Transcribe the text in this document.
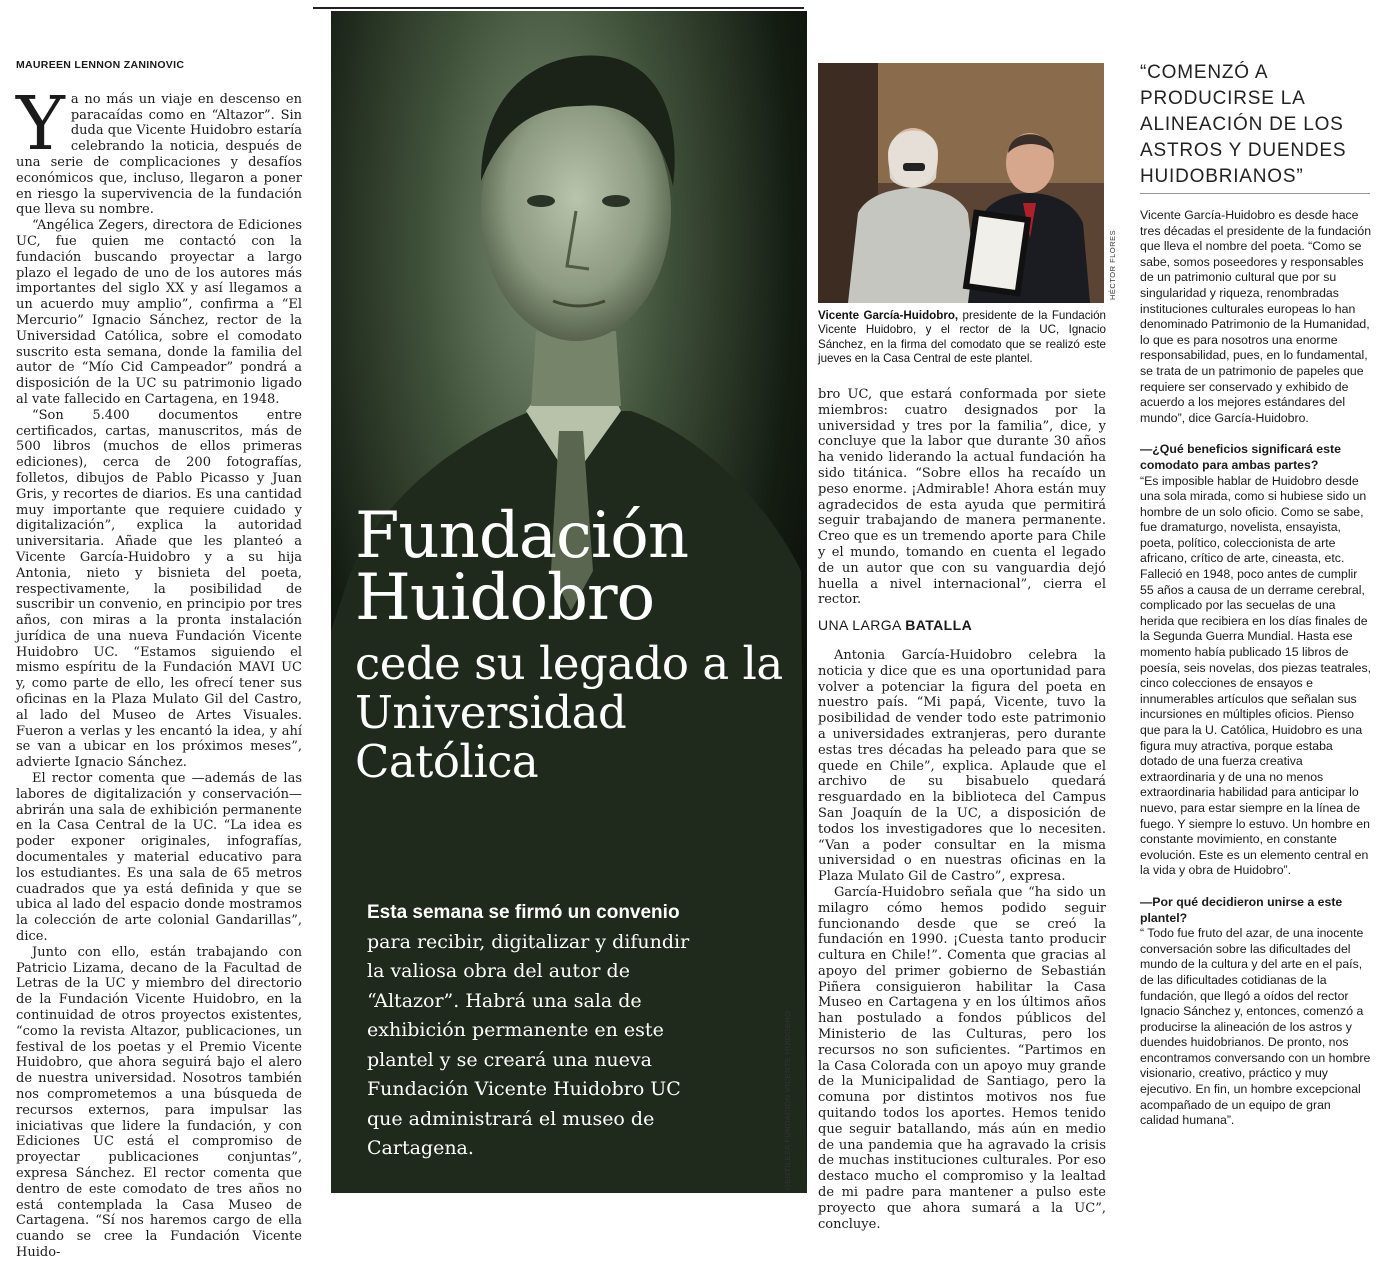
MAUREEN LENNON ZANINOVIC

Ya no más un viaje en descenso en paracaídas como en “Altazor”. Sin duda que Vicente Huidobro estaría celebrando la noticia, después de una serie de complicaciones y desafíos económicos que, incluso, llegaron a poner en riesgo la supervivencia de la fundación que lleva su nombre.

“Angélica Zegers, directora de Ediciones UC, fue quien me contactó con la fundación buscando proyectar a largo plazo el legado de uno de los autores más importantes del siglo XX y así llegamos a un acuerdo muy amplio”, confirma a “El Mercurio” Ignacio Sánchez, rector de la Universidad Católica, sobre el comodato suscrito esta semana, donde la familia del autor de “Mío Cid Campeador” pondrá a disposición de la UC su patrimonio ligado al vate fallecido en Cartagena, en 1948.

“Son 5.400 documentos entre certificados, cartas, manuscritos, más de 500 libros (muchos de ellos primeras ediciones), cerca de 200 fotografías, folletos, dibujos de Pablo Picasso y Juan Gris, y recortes de diarios. Es una cantidad muy importante que requiere cuidado y digitalización”, explica la autoridad universitaria. Añade que les planteó a Vicente García-Huidobro y a su hija Antonia, nieto y bisnieta del poeta, respectivamente, la posibilidad de suscribir un convenio, en principio por tres años, con miras a la pronta instalación jurídica de una nueva Fundación Vicente Huidobro UC. “Estamos siguiendo el mismo espíritu de la Fundación MAVI UC y, como parte de ello, les ofrecí tener sus oficinas en la Plaza Mulato Gil del Castro, al lado del Museo de Artes Visuales. Fueron a verlas y les encantó la idea, y ahí se van a ubicar en los próximos meses”, advierte Ignacio Sánchez.

El rector comenta que —además de las labores de digitalización y conservación— abrirán una sala de exhibición permanente en la Casa Central de la UC. “La idea es poder exponer originales, infografías, documentales y material educativo para los estudiantes. Es una sala de 65 metros cuadrados que ya está definida y que se ubica al lado del espacio donde mostramos la colección de arte colonial Gandarillas”, dice.

Junto con ello, están trabajando con Patricio Lizama, decano de la Facultad de Letras de la UC y miembro del directorio de la Fundación Vicente Huidobro, en la continuidad de otros proyectos existentes, “como la revista Altazor, publicaciones, un festival de los poetas y el Premio Vicente Huidobro, que ahora seguirá bajo el alero de nuestra universidad. Nosotros también nos comprometemos a una búsqueda de recursos externos, para impulsar las iniciativas que lidere la fundación, y con Ediciones UC está el compromiso de proyectar publicaciones conjuntas”, expresa Sánchez. El rector comenta que dentro de este comodato de tres años no está contemplada la Casa Museo de Cartagena. “Sí nos haremos cargo de ella cuando se cree la Fundación Vicente Huido-

Fundación
Huidobro
cede su legado a la Universidad Católica
Esta semana se firmó un convenio para recibir, digitalizar y difundir la valiosa obra del autor de “Altazor”. Habrá una sala de exhibición permanente en este plantel y se creará una nueva Fundación Vicente Huidobro UC que administrará el museo de Cartagena.	GENTILEZA FUNDACIÓN VICENTE HUIDOBRO
HÉCTOR FLORES
Vicente García-Huidobro, presidente de la Fundación Vicente Huidobro, y el rector de la UC, Ignacio Sánchez, en la firma del comodato que se realizó este jueves en la Casa Central de este plantel.

bro UC, que estará conformada por siete miembros: cuatro designados por la universidad y tres por la familia”, dice, y concluye que la labor que durante 30 años ha venido liderando la actual fundación ha sido titánica. “Sobre ellos ha recaído un peso enorme. ¡Admirable! Ahora están muy agradecidos de esta ayuda que permitirá seguir trabajando de manera permanente. Creo que es un tremendo aporte para Chile y el mundo, tomando en cuenta el legado de un autor que con su vanguardia dejó huella a nivel internacional”, cierra el rector.

UNA LARGA BATALLA

Antonia García-Huidobro celebra la noticia y dice que es una oportunidad para volver a potenciar la figura del poeta en nuestro país. “Mi papá, Vicente, tuvo la posibilidad de vender todo este patrimonio a universidades extranjeras, pero durante estas tres décadas ha peleado para que se quede en Chile”, explica. Aplaude que el archivo de su bisabuelo quedará resguardado en la biblioteca del Campus San Joaquín de la UC, a disposición de todos los investigadores que lo necesiten. “Van a poder consultar en la misma universidad o en nuestras oficinas en la Plaza Mulato Gil de Castro”, expresa.

García-Huidobro señala que “ha sido un milagro cómo hemos podido seguir funcionando desde que se creó la fundación en 1990. ¡Cuesta tanto producir cultura en Chile!”. Comenta que gracias al apoyo del primer gobierno de Sebastián Piñera consiguieron habilitar la Casa Museo en Cartagena y en los últimos años han postulado a fondos públicos del Ministerio de las Culturas, pero los recursos no son suficientes. “Partimos en la Casa Colorada con un apoyo muy grande de la Municipalidad de Santiago, pero la comuna por distintos motivos nos fue quitando todos los aportes. Hemos tenido que seguir batallando, más aún en medio de una pandemia que ha agravado la crisis de muchas instituciones culturales. Por eso destaco mucho el compromiso y la lealtad de mi padre para mantener a pulso este proyecto que ahora sumará a la UC”, concluye.

“COMENZÓ A PRODUCIRSE LA ALINEACIÓN DE LOS ASTROS Y DUENDES HUIDOBRIANOS”

Vicente García-Huidobro es desde hace tres décadas el presidente de la fundación que lleva el nombre del poeta. “Como se sabe, somos poseedores y responsables de un patrimonio cultural que por su singularidad y riqueza, renombradas instituciones culturales europeas lo han denominado Patrimonio de la Humanidad, lo que es para nosotros una enorme responsabilidad, pues, en lo fundamental, se trata de un patrimonio de papeles que requiere ser conservado y exhibido de acuerdo a los mejores estándares del mundo”, dice García-Huidobro.

—¿Qué beneficios significará este comodato para ambas partes?

“Es imposible hablar de Huidobro desde una sola mirada, como si hubiese sido un hombre de un solo oficio. Como se sabe, fue dramaturgo, novelista, ensayista, poeta, político, coleccionista de arte africano, crítico de arte, cineasta, etc. Falleció en 1948, poco antes de cumplir 55 años a causa de un derrame cerebral, complicado por las secuelas de una herida que recibiera en los días finales de la Segunda Guerra Mundial. Hasta ese momento había publicado 15 libros de poesía, seis novelas, dos piezas teatrales, cinco colecciones de ensayos e innumerables artículos que señalan sus incursiones en múltiples oficios. Pienso que para la U. Católica, Huidobro es una figura muy atractiva, porque estaba dotado de una fuerza creativa extraordinaria y de una no menos extraordinaria habilidad para anticipar lo nuevo, para estar siempre en la línea de fuego. Y siempre lo estuvo. Un hombre en constante movimiento, en constante evolución. Este es un elemento central en la vida y obra de Huidobro”.

—Por qué decidieron unirse a este plantel?

“ Todo fue fruto del azar, de una inocente conversación sobre las dificultades del mundo de la cultura y del arte en el país, de las dificultades cotidianas de la fundación, que llegó a oídos del rector Ignacio Sánchez y, entonces, comenzó a producirse la alineación de los astros y duendes huidobrianos. De pronto, nos encontramos conversando con un hombre visionario, creativo, práctico y muy ejecutivo. En fin, un hombre excepcional acompañado de un equipo de gran calidad humana”.
